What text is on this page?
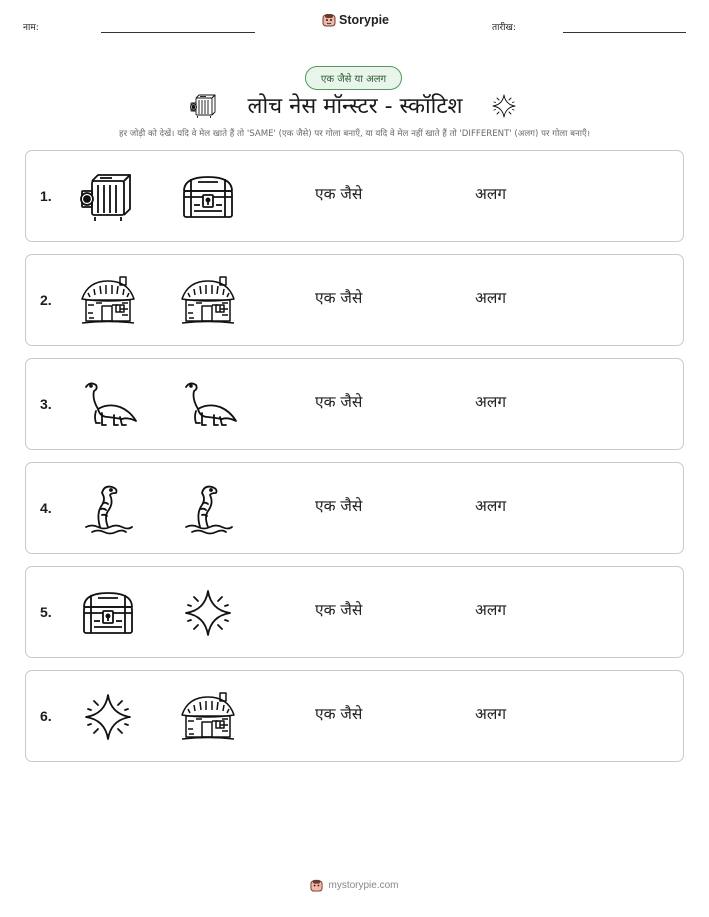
नाम:
Storypie
तारीख:
एक जैसे या अलग
लोच नेस मॉन्स्टर - स्कॉटिश
हर जोड़ी को देखें। यदि वे मेल खाते हैं तो 'SAME' (एक जैसे) पर गोला बनाएँ, या यदि वे मेल नहीं खाते हैं तो 'DIFFERENT' (अलग) पर गोला बनाएँ।
1.	एक जैसे	अलग
2.	एक जैसे	अलग
3.	एक जैसे	अलग
4.	एक जैसे	अलग
5.	एक जैसे	अलग
6.	एक जैसे	अलग
mystorypie.com
